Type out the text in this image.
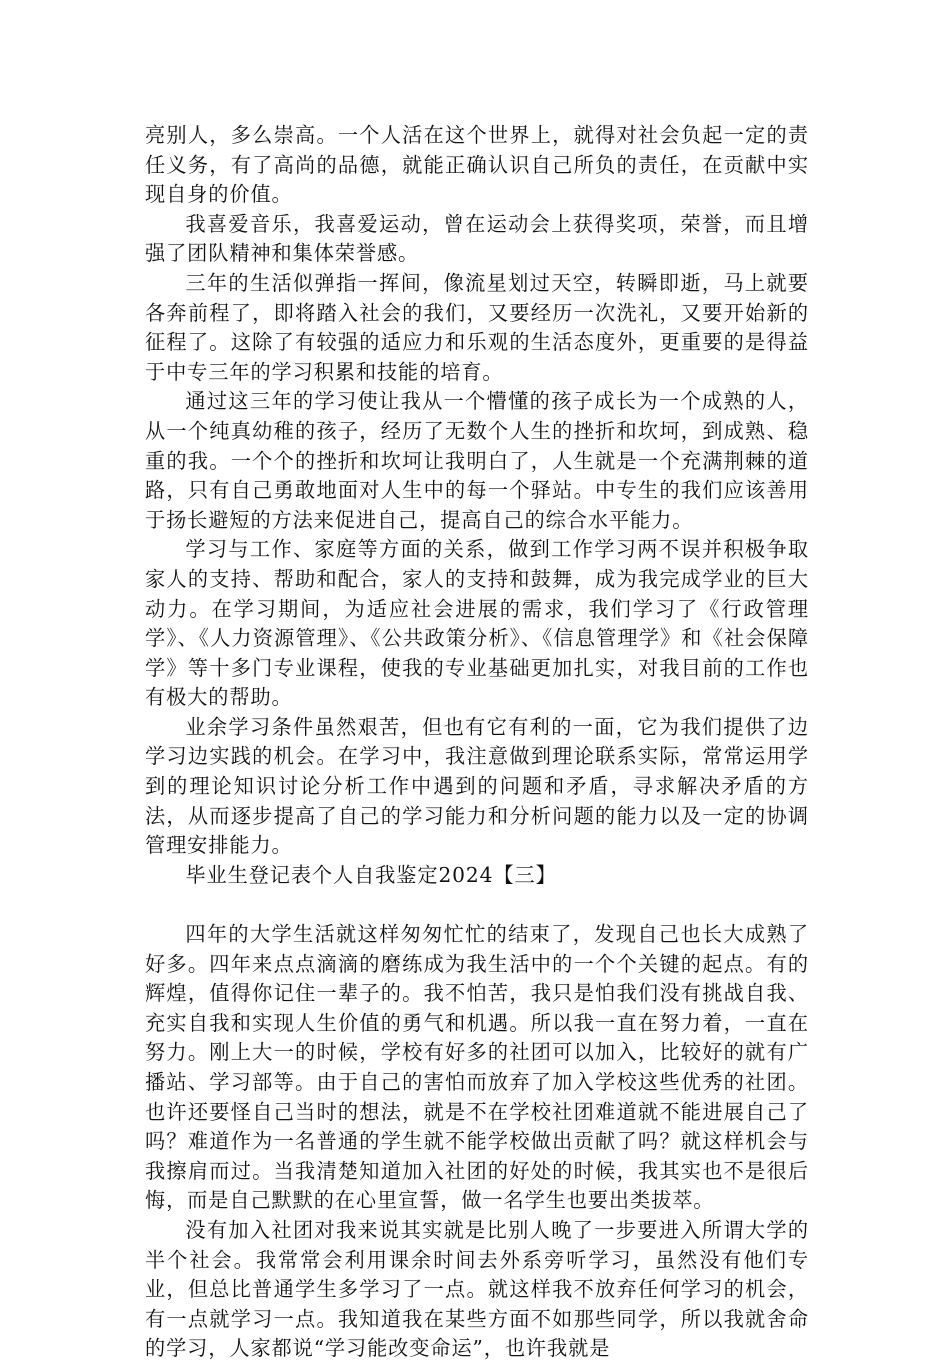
亮别人，多么崇高。一个人活在这个世界上，就得对社会负起一定的责任义务，有了高尚的品德，就能正确认识自己所负的责任，在贡献中实现自身的价值。

我喜爱音乐，我喜爱运动，曾在运动会上获得奖项，荣誉，而且增强了团队精神和集体荣誉感。

三年的生活似弹指一挥间，像流星划过天空，转瞬即逝，马上就要各奔前程了，即将踏入社会的我们，又要经历一次洗礼，又要开始新的征程了。这除了有较强的适应力和乐观的生活态度外，更重要的是得益于中专三年的学习积累和技能的培育。

通过这三年的学习使让我从一个懵懂的孩子成长为一个成熟的人，从一个纯真幼稚的孩子，经历了无数个人生的挫折和坎坷，到成熟、稳重的我。一个个的挫折和坎坷让我明白了，人生就是一个充满荆棘的道路，只有自己勇敢地面对人生中的每一个驿站。中专生的我们应该善用于扬长避短的方法来促进自己，提高自己的综合水平能力。

学习与工作、家庭等方面的关系，做到工作学习两不误并积极争取家人的支持、帮助和配合，家人的支持和鼓舞，成为我完成学业的巨大动力。在学习期间，为适应社会进展的需求，我们学习了《行政管理学》、《人力资源管理》、《公共政策分析》、《信息管理学》和《社会保障学》等十多门专业课程，使我的专业基础更加扎实，对我目前的工作也有极大的帮助。

业余学习条件虽然艰苦，但也有它有利的一面，它为我们提供了边学习边实践的机会。在学习中，我注意做到理论联系实际，常常运用学到的理论知识讨论分析工作中遇到的问题和矛盾，寻求解决矛盾的方法，从而逐步提高了自己的学习能力和分析问题的能力以及一定的协调管理安排能力。

毕业生登记表个人自我鉴定2024【三】

四年的大学生活就这样匆匆忙忙的结束了，发现自己也长大成熟了好多。四年来点点滴滴的磨练成为我生活中的一个个关键的起点。有的辉煌，值得你记住一辈子的。我不怕苦，我只是怕我们没有挑战自我、充实自我和实现人生价值的勇气和机遇。所以我一直在努力着，一直在努力。刚上大一的时候，学校有好多的社团可以加入，比较好的就有广播站、学习部等。由于自己的害怕而放弃了加入学校这些优秀的社团。也许还要怪自己当时的想法，就是不在学校社团难道就不能进展自己了吗？难道作为一名普通的学生就不能学校做出贡献了吗？就这样机会与我擦肩而过。当我清楚知道加入社团的好处的时候，我其实也不是很后悔，而是自己默默的在心里宣誓，做一名学生也要出类拔萃。

没有加入社团对我来说其实就是比别人晚了一步要进入所谓大学的半个社会。我常常会利用课余时间去外系旁听学习，虽然没有他们专业，但总比普通学生多学习了一点。就这样我不放弃任何学习的机会，有一点就学习一点。我知道我在某些方面不如那些同学，所以我就舍命的学习，人家都说“学习能改变命运”，也许我就是
